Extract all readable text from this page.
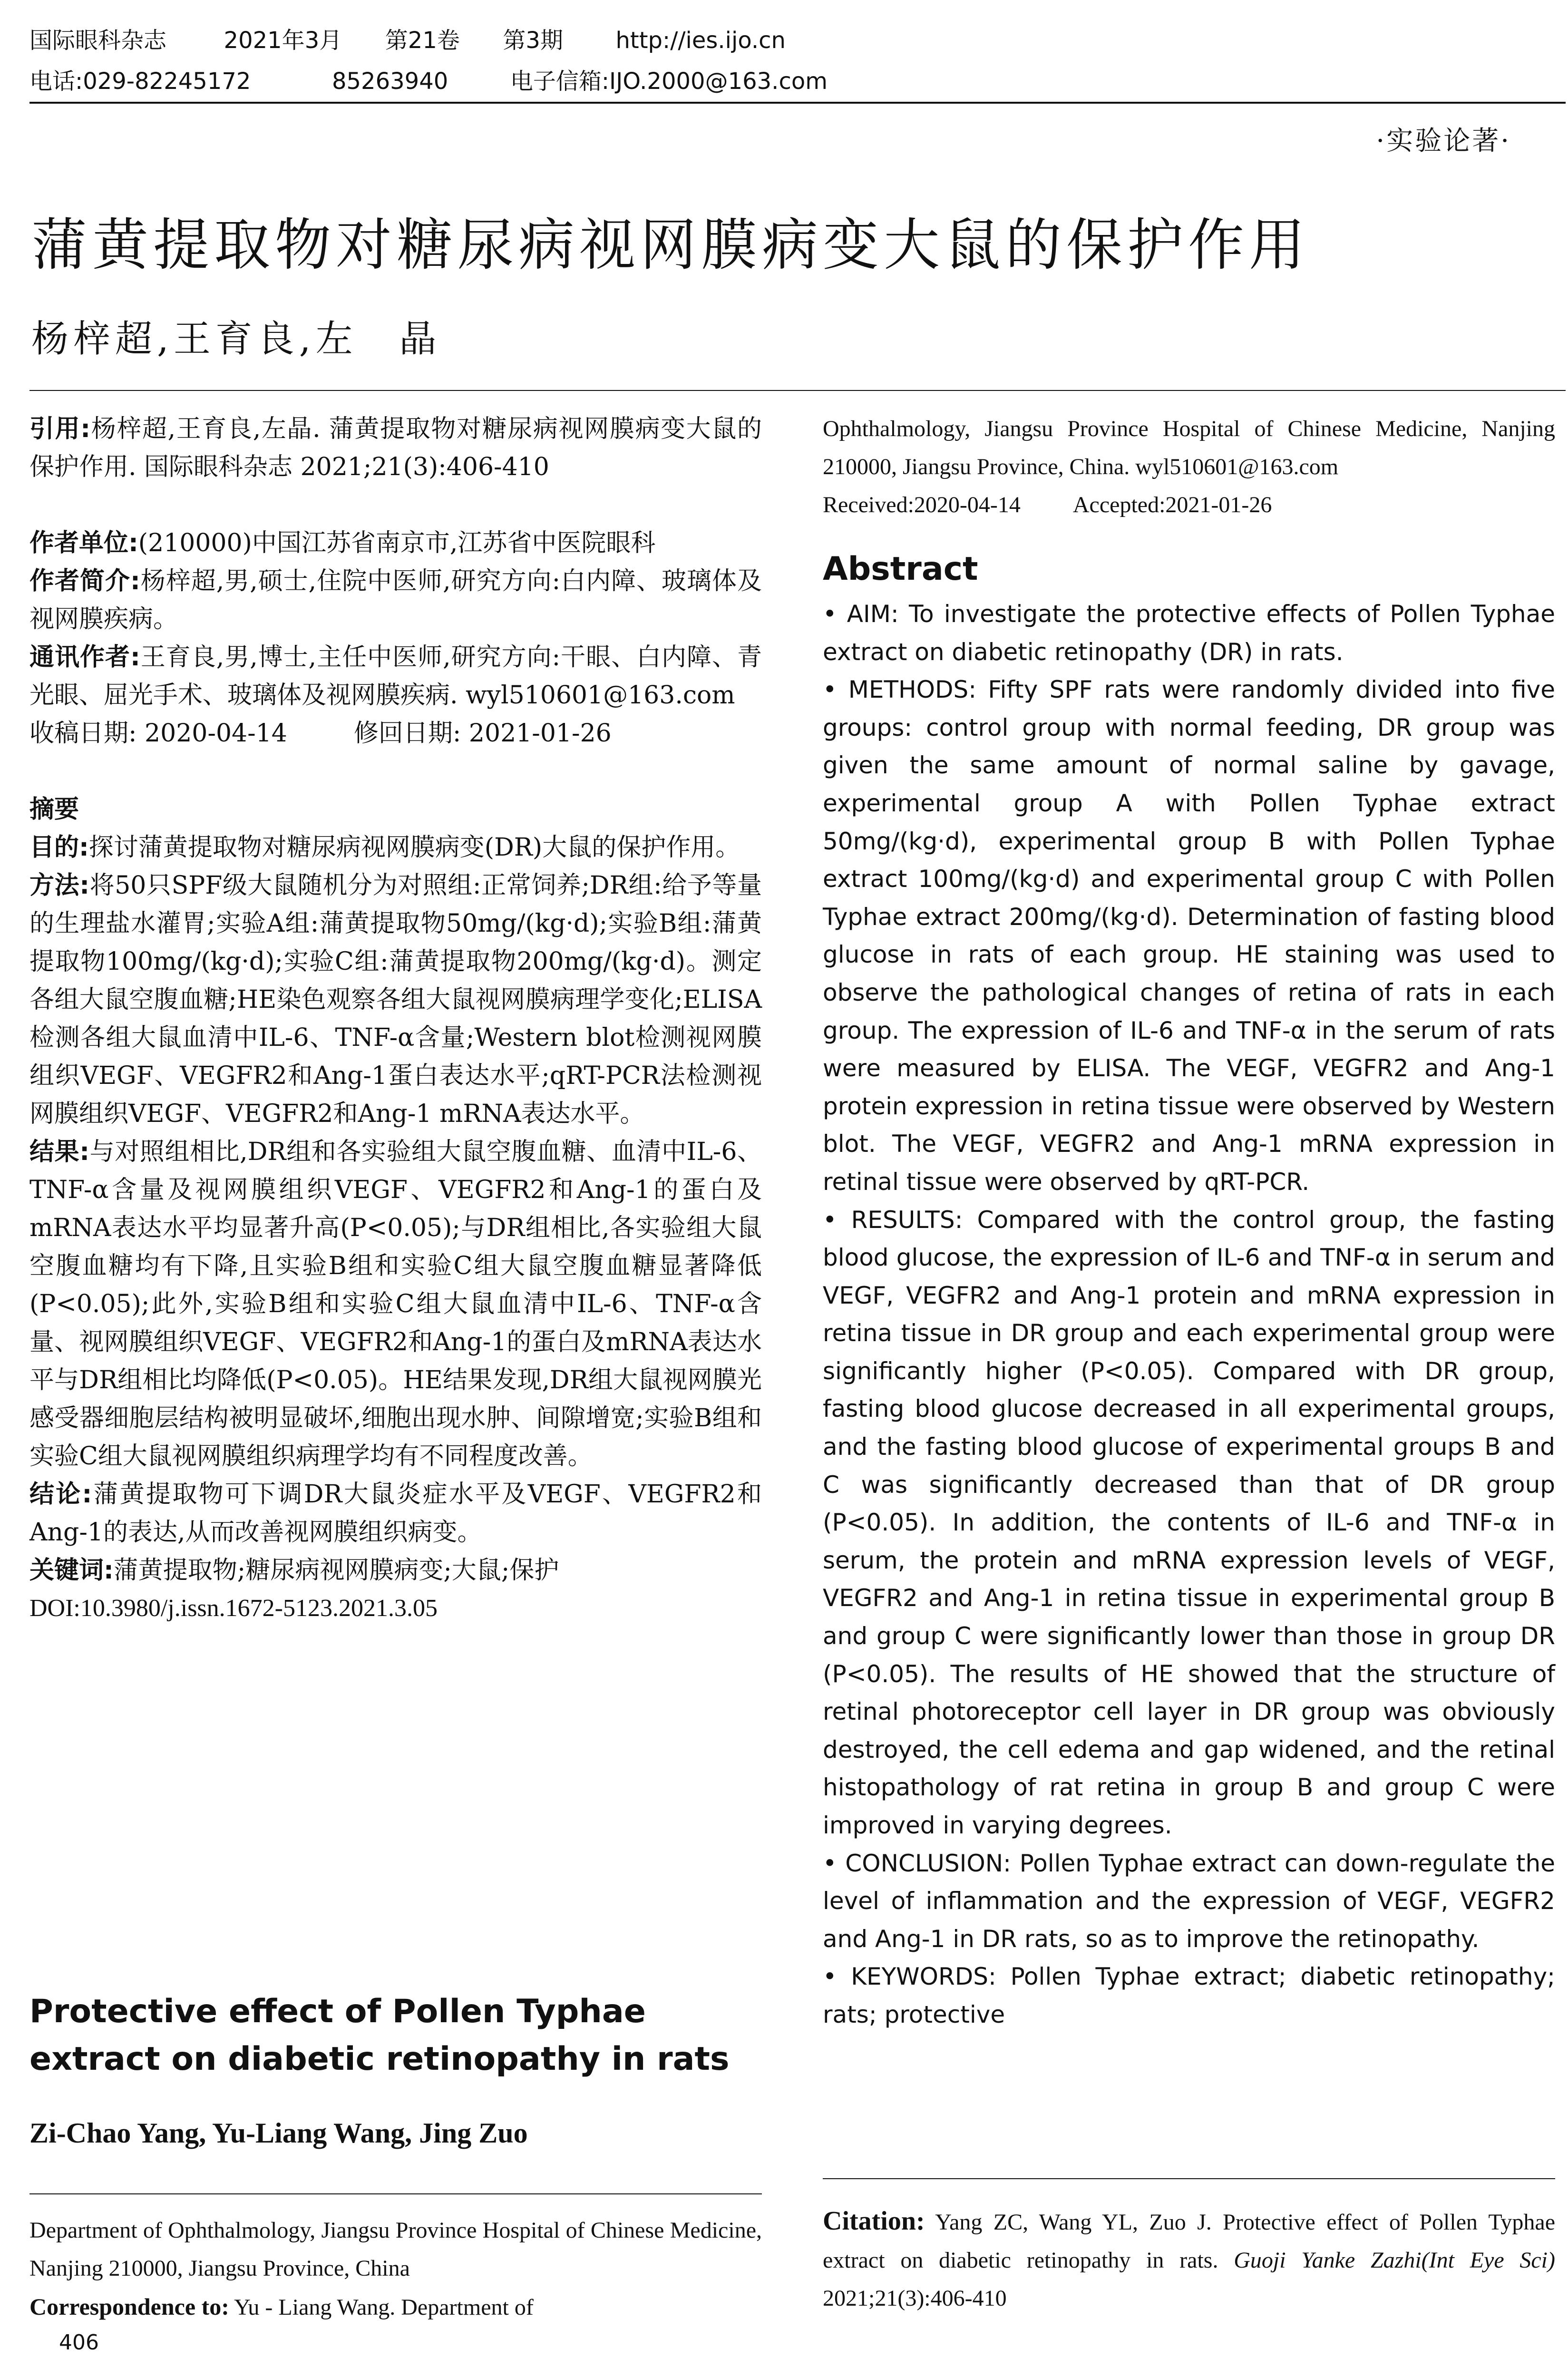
国际眼科杂志	2021年3月 第21卷 第3期 http://ies.ijo.cn
电话:029-82245172	85263940	电子信箱:IJO.2000@163.com
·实验论著·
蒲黄提取物对糖尿病视网膜病变大鼠的保护作用
杨梓超,王育良,左　晶

引用:杨梓超,王育良,左晶. 蒲黄提取物对糖尿病视网膜病变大鼠的保护作用. 国际眼科杂志 2021;21(3):406-410

作者单位:(210000)中国江苏省南京市,江苏省中医院眼科

作者简介:杨梓超,男,硕士,住院中医师,研究方向:白内障、玻璃体及视网膜疾病。

通讯作者:王育良,男,博士,主任中医师,研究方向:干眼、白内障、青光眼、屈光手术、玻璃体及视网膜疾病. wyl510601@163.com

收稿日期: 2020-04-14	修回日期: 2021-01-26

摘要

目的:探讨蒲黄提取物对糖尿病视网膜病变(DR)大鼠的保护作用。

方法:将50只SPF级大鼠随机分为对照组:正常饲养;DR组:给予等量的生理盐水灌胃;实验A组:蒲黄提取物50mg/(kg·d);实验B组:蒲黄提取物100mg/(kg·d);实验C组:蒲黄提取物200mg/(kg·d)。测定各组大鼠空腹血糖;HE染色观察各组大鼠视网膜病理学变化;ELISA检测各组大鼠血清中IL-6、TNF-α含量;Western blot检测视网膜组织VEGF、VEGFR2和Ang-1蛋白表达水平;qRT-PCR法检测视网膜组织VEGF、VEGFR2和Ang-1 mRNA表达水平。

结果:与对照组相比,DR组和各实验组大鼠空腹血糖、血清中IL-6、TNF-α含量及视网膜组织VEGF、VEGFR2和Ang-1的蛋白及mRNA表达水平均显著升高(P<0.05);与DR组相比,各实验组大鼠空腹血糖均有下降,且实验B组和实验C组大鼠空腹血糖显著降低(P<0.05);此外,实验B组和实验C组大鼠血清中IL-6、TNF-α含量、视网膜组织VEGF、VEGFR2和Ang-1的蛋白及mRNA表达水平与DR组相比均降低(P<0.05)。HE结果发现,DR组大鼠视网膜光感受器细胞层结构被明显破坏,细胞出现水肿、间隙增宽;实验B组和实验C组大鼠视网膜组织病理学均有不同程度改善。

结论:蒲黄提取物可下调DR大鼠炎症水平及VEGF、VEGFR2和Ang-1的表达,从而改善视网膜组织病变。

关键词:蒲黄提取物;糖尿病视网膜病变;大鼠;保护

DOI:10.3980/j.issn.1672-5123.2021.3.05

Protective effect of Pollen Typhae extract on diabetic retinopathy in rats

Zi-Chao Yang, Yu-Liang Wang, Jing Zuo

Department of Ophthalmology, Jiangsu Province Hospital of Chinese Medicine, Nanjing 210000, Jiangsu Province, China

Correspondence to: Yu - Liang Wang. Department of

406

Ophthalmology, Jiangsu Province Hospital of Chinese Medicine, Nanjing 210000, Jiangsu Province, China. wyl510601@163.com

Received:2020-04-14 Accepted:2021-01-26

Abstract

• AIM: To investigate the protective effects of Pollen Typhae extract on diabetic retinopathy (DR) in rats.

• METHODS: Fifty SPF rats were randomly divided into five groups: control group with normal feeding, DR group was given the same amount of normal saline by gavage, experimental group A with Pollen Typhae extract 50mg/(kg·d), experimental group B with Pollen Typhae extract 100mg/(kg·d) and experimental group C with Pollen Typhae extract 200mg/(kg·d). Determination of fasting blood glucose in rats of each group. HE staining was used to observe the pathological changes of retina of rats in each group. The expression of IL-6 and TNF-α in the serum of rats were measured by ELISA. The VEGF, VEGFR2 and Ang-1 protein expression in retina tissue were observed by Western blot. The VEGF, VEGFR2 and Ang-1 mRNA expression in retinal tissue were observed by qRT-PCR.

• RESULTS: Compared with the control group, the fasting blood glucose, the expression of IL-6 and TNF-α in serum and VEGF, VEGFR2 and Ang-1 protein and mRNA expression in retina tissue in DR group and each experimental group were significantly higher (P<0.05). Compared with DR group, fasting blood glucose decreased in all experimental groups, and the fasting blood glucose of experimental groups B and C was significantly decreased than that of DR group (P<0.05). In addition, the contents of IL-6 and TNF-α in serum, the protein and mRNA expression levels of VEGF, VEGFR2 and Ang-1 in retina tissue in experimental group B and group C were significantly lower than those in group DR (P<0.05). The results of HE showed that the structure of retinal photoreceptor cell layer in DR group was obviously destroyed, the cell edema and gap widened, and the retinal histopathology of rat retina in group B and group C were improved in varying degrees.

• CONCLUSION: Pollen Typhae extract can down-regulate the level of inflammation and the expression of VEGF, VEGFR2 and Ang-1 in DR rats, so as to improve the retinopathy.

• KEYWORDS: Pollen Typhae extract; diabetic retinopathy; rats; protective

Citation: Yang ZC, Wang YL, Zuo J. Protective effect of Pollen Typhae extract on diabetic retinopathy in rats. Guoji Yanke Zazhi(Int Eye Sci) 2021;21(3):406-410
